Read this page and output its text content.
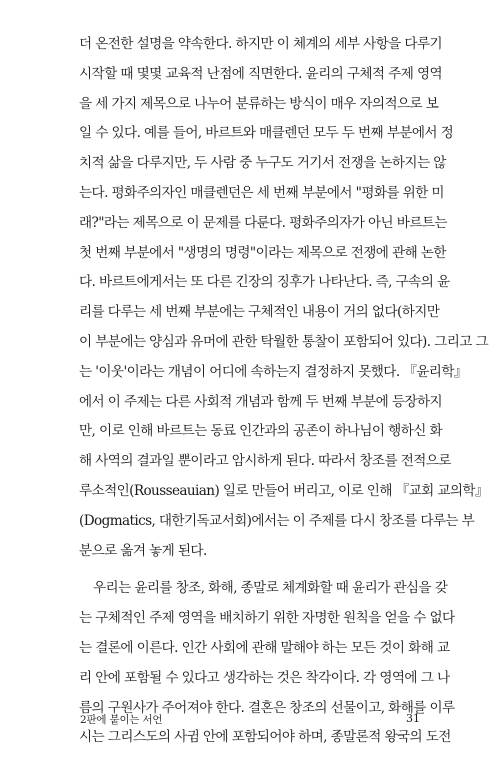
더 온전한 설명을 약속한다. 하지만 이 체계의 세부 사항을 다루기
시작할 때 몇몇 교육적 난점에 직면한다. 윤리의 구체적 주제 영역
을 세 가지 제목으로 나누어 분류하는 방식이 매우 자의적으로 보
일 수 있다. 예를 들어, 바르트와 매클렌던 모두 두 번째 부분에서 정
치적 삶을 다루지만, 두 사람 중 누구도 거기서 전쟁을 논하지는 않
는다. 평화주의자인 매클렌던은 세 번째 부분에서 "평화를 위한 미
래?"라는 제목으로 이 문제를 다룬다. 평화주의자가 아닌 바르트는
첫 번째 부분에서 "생명의 명령"이라는 제목으로 전쟁에 관해 논한
다. 바르트에게서는 또 다른 긴장의 징후가 나타난다. 즉, 구속의 윤
리를 다루는 세 번째 부분에는 구체적인 내용이 거의 없다(하지만
이 부분에는 양심과 유머에 관한 탁월한 통찰이 포함되어 있다). 그리고 그
는 '이웃'이라는 개념이 어디에 속하는지 결정하지 못했다. 『윤리학』
에서 이 주제는 다른 사회적 개념과 함께 두 번째 부분에 등장하지
만, 이로 인해 바르트는 동료 인간과의 공존이 하나님이 행하신 화
해 사역의 결과일 뿐이라고 암시하게 된다. 따라서 창조를 전적으로
루소적인(Rousseauian) 일로 만들어 버리고, 이로 인해 『교회 교의학』
(Dogmatics, 대한기독교서회)에서는 이 주제를 다시 창조를 다루는 부
분으로 옮겨 놓게 된다.
우리는 윤리를 창조, 화해, 종말로 체계화할 때 윤리가 관심을 갖
는 구체적인 주제 영역을 배치하기 위한 자명한 원칙을 얻을 수 없다
는 결론에 이른다. 인간 사회에 관해 말해야 하는 모든 것이 화해 교
리 안에 포함될 수 있다고 생각하는 것은 착각이다. 각 영역에 그 나
름의 구원사가 주어져야 한다. 결혼은 창조의 선물이고, 화해를 이루
시는 그리스도의 사귐 안에 포함되어야 하며, 종말론적 왕국의 도전
2판에 붙이는 서언	31
